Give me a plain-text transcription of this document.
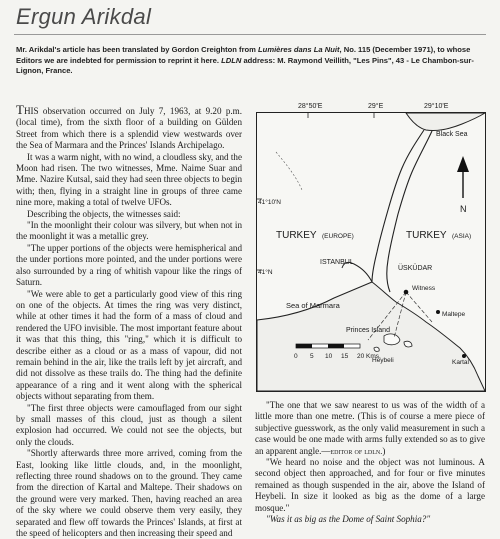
Ergun Arikdal
Mr. Arikdal's article has been translated by Gordon Creighton from Lumières dans La Nuit, No. 115 (December 1971), to whose Editors we are indebted for permission to reprint it here. LDLN address: M. Raymond Veillith, "Les Pins", 43 - Le Chambon-sur-Lignon, France.

THIS observation occurred on July 7, 1963, at 9.20 p.m. (local time), from the sixth floor of a building on Gülden Street from which there is a splendid view westwards over the Sea of Marmara and the Princes' Islands Archipelago.

It was a warm night, with no wind, a cloudless sky, and the Moon had risen. The two witnesses, Mme. Naime Suar and Mme. Nazire Kutsal, said they had seen three objects to begin with; then, flying in a straight line in groups of three came nine more, making a total of twelve UFOs.

Describing the objects, the witnesses said:

"In the moonlight their colour was silvery, but when not in the moonlight it was a metallic grey.

"The upper portions of the objects were hemispherical and the under portions more pointed, and the under portions were also surrounded by a ring of whitish vapour like the rings of Saturn.

"We were able to get a particularly good view of this ring on one of the objects. At times the ring was very distinct, while at other times it had the form of a mass of cloud and rendered the UFO invisible. The most important feature about it was that this thing, this "ring," which it is difficult to describe either as a cloud or as a mass of vapour, did not remain behind in the air, like the trails left by jet aircraft, and did not dissolve as these trails do. The thing had the definite appearance of a ring and it went along with the spherical objects without separating from them.

"The first three objects were camouflaged from our sight by small masses of this cloud, just as though a silent explosion had occurred. We could not see the objects, but only the clouds.

"Shortly afterwards three more arrived, coming from the East, looking like little clouds, and, in the moonlight, reflecting three round shadows on to the ground. They came from the direction of Kartal and Maltepe. Their shadows on the ground were very marked. Then, having reached an area of the sky where we could observe them very easily, they separated and flew off towards the Princes' Islands, at first at the speed of helicopters and then increasing their speed and

N
41°10'N
41°N
Black Sea
TURKEY (EUROPE)	TURKEY (ASIA)
ISTANBUL
ÜSKÜDAR
Witness
Maltepe
Sea of Marmara
Princes Island
Heybeli	Kartal
0 5 10 15 20 Kms.
28°50'E	29°E	29°10'E

"The one that we saw nearest to us was of the width of a little more than one metre. (This is of course a mere piece of subjective guesswork, as the only valid measurement in such a case would be one made with arms fully extended so as to give an apparent angle.—editor of ldln.)

"We heard no noise and the object was not luminous. A second object then approached, and for four or five minutes remained as though suspended in the air, above the Island of Heybeli. In size it looked as big as the dome of a large mosque."

"Was it as big as the Dome of Saint Sophia?"
